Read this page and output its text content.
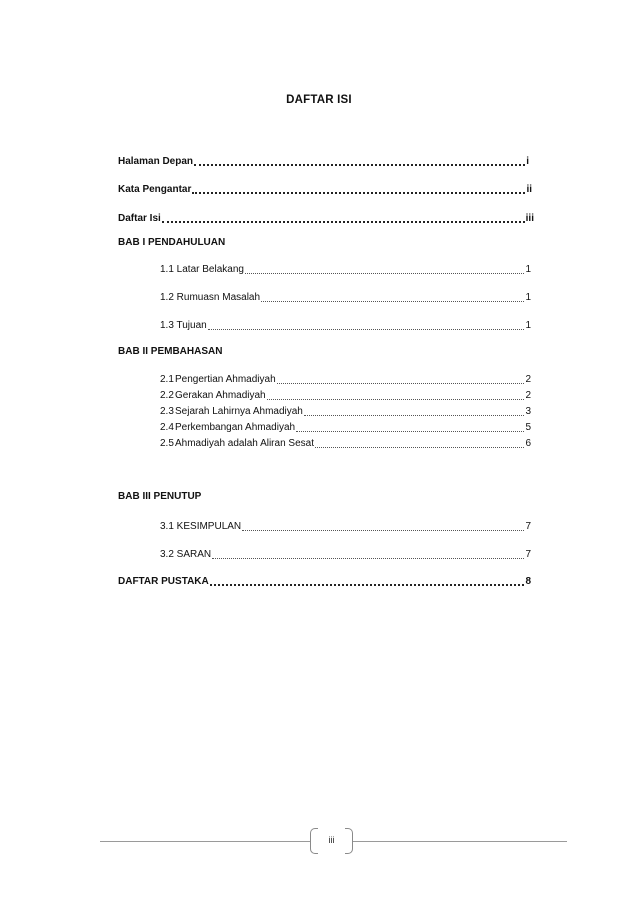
DAFTAR ISI
Halaman Depan	i
Kata Pengantar	ii
Daftar Isi	iii
BAB I PENDAHULUAN
1.1 Latar Belakang	1
1.2 Rumuasn Masalah	1
1.3 Tujuan	1
BAB II PEMBAHASAN
2.1Pengertian Ahmadiyah	2
2.2Gerakan Ahmadiyah	2
2.3Sejarah Lahirnya Ahmadiyah	3
2.4Perkembangan Ahmadiyah	5
2.5Ahmadiyah adalah Aliran Sesat	6
BAB III PENUTUP
3.1 KESIMPULAN	7
3.2 SARAN	7
DAFTAR PUSTAKA	8
iii
